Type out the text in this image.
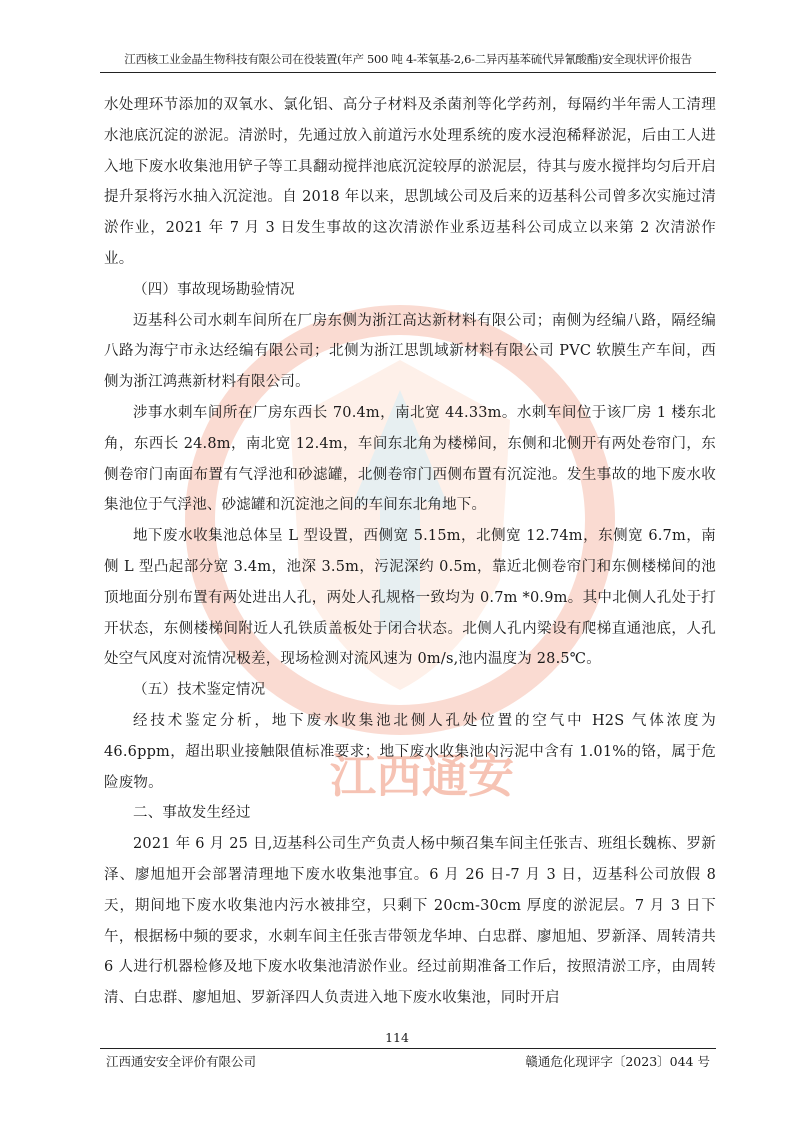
江西核工业金晶生物科技有限公司在役装置(年产 500 吨 4-苯氧基-2,6-二异丙基苯硫代异氰酸酯)安全现状评价报告
江西通安

水处理环节添加的双氧水、氯化铝、高分子材料及杀菌剂等化学药剂，每隔约半年需人工清理水池底沉淀的淤泥。清淤时，先通过放入前道污水处理系统的废水浸泡稀释淤泥，后由工人进入地下废水收集池用铲子等工具翻动搅拌池底沉淀较厚的淤泥层，待其与废水搅拌均匀后开启提升泵将污水抽入沉淀池。自 2018 年以来，思凯域公司及后来的迈基科公司曾多次实施过清淤作业，2021 年 7 月 3 日发生事故的这次清淤作业系迈基科公司成立以来第 2 次清淤作业。

（四）事故现场勘验情况

迈基科公司水刺车间所在厂房东侧为浙江高达新材料有限公司；南侧为经编八路，隔经编八路为海宁市永达经编有限公司；北侧为浙江思凯域新材料有限公司 PVC 软膜生产车间，西侧为浙江鸿燕新材料有限公司。

涉事水刺车间所在厂房东西长 70.4m，南北宽 44.33m。水刺车间位于该厂房 1 楼东北角，东西长 24.8m，南北宽 12.4m，车间东北角为楼梯间，东侧和北侧开有两处卷帘门，东侧卷帘门南面布置有气浮池和砂滤罐，北侧卷帘门西侧布置有沉淀池。发生事故的地下废水收集池位于气浮池、砂滤罐和沉淀池之间的车间东北角地下。

地下废水收集池总体呈 L 型设置，西侧宽 5.15m，北侧宽 12.74m，东侧宽 6.7m，南侧 L 型凸起部分宽 3.4m，池深 3.5m，污泥深约 0.5m，靠近北侧卷帘门和东侧楼梯间的池顶地面分别布置有两处进出人孔，两处人孔规格一致均为 0.7m *0.9m。其中北侧人孔处于打开状态，东侧楼梯间附近人孔铁质盖板处于闭合状态。北侧人孔内梁设有爬梯直通池底，人孔处空气风度对流情况极差，现场检测对流风速为 0m/s,池内温度为 28.5℃。

（五）技术鉴定情况

经技术鉴定分析，地下废水收集池北侧人孔处位置的空气中 H2S 气体浓度为 46.6ppm，超出职业接触限值标准要求；地下废水收集池内污泥中含有 1.01%的铬，属于危险废物。

二、事故发生经过

2021 年 6 月 25 日,迈基科公司生产负责人杨中频召集车间主任张吉、班组长魏栋、罗新泽、廖旭旭开会部署清理地下废水收集池事宜。6 月 26 日-7 月 3 日，迈基科公司放假 8 天，期间地下废水收集池内污水被排空，只剩下 20cm-30cm 厚度的淤泥层。7 月 3 日下午，根据杨中频的要求，水刺车间主任张吉带领龙华坤、白忠群、廖旭旭、罗新泽、周转清共 6 人进行机器检修及地下废水收集池清淤作业。经过前期准备工作后，按照清淤工序，由周转清、白忠群、廖旭旭、罗新泽四人负责进入地下废水收集池，同时开启

114
江西通安安全评价有限公司	赣通危化现评字〔2023〕044 号
